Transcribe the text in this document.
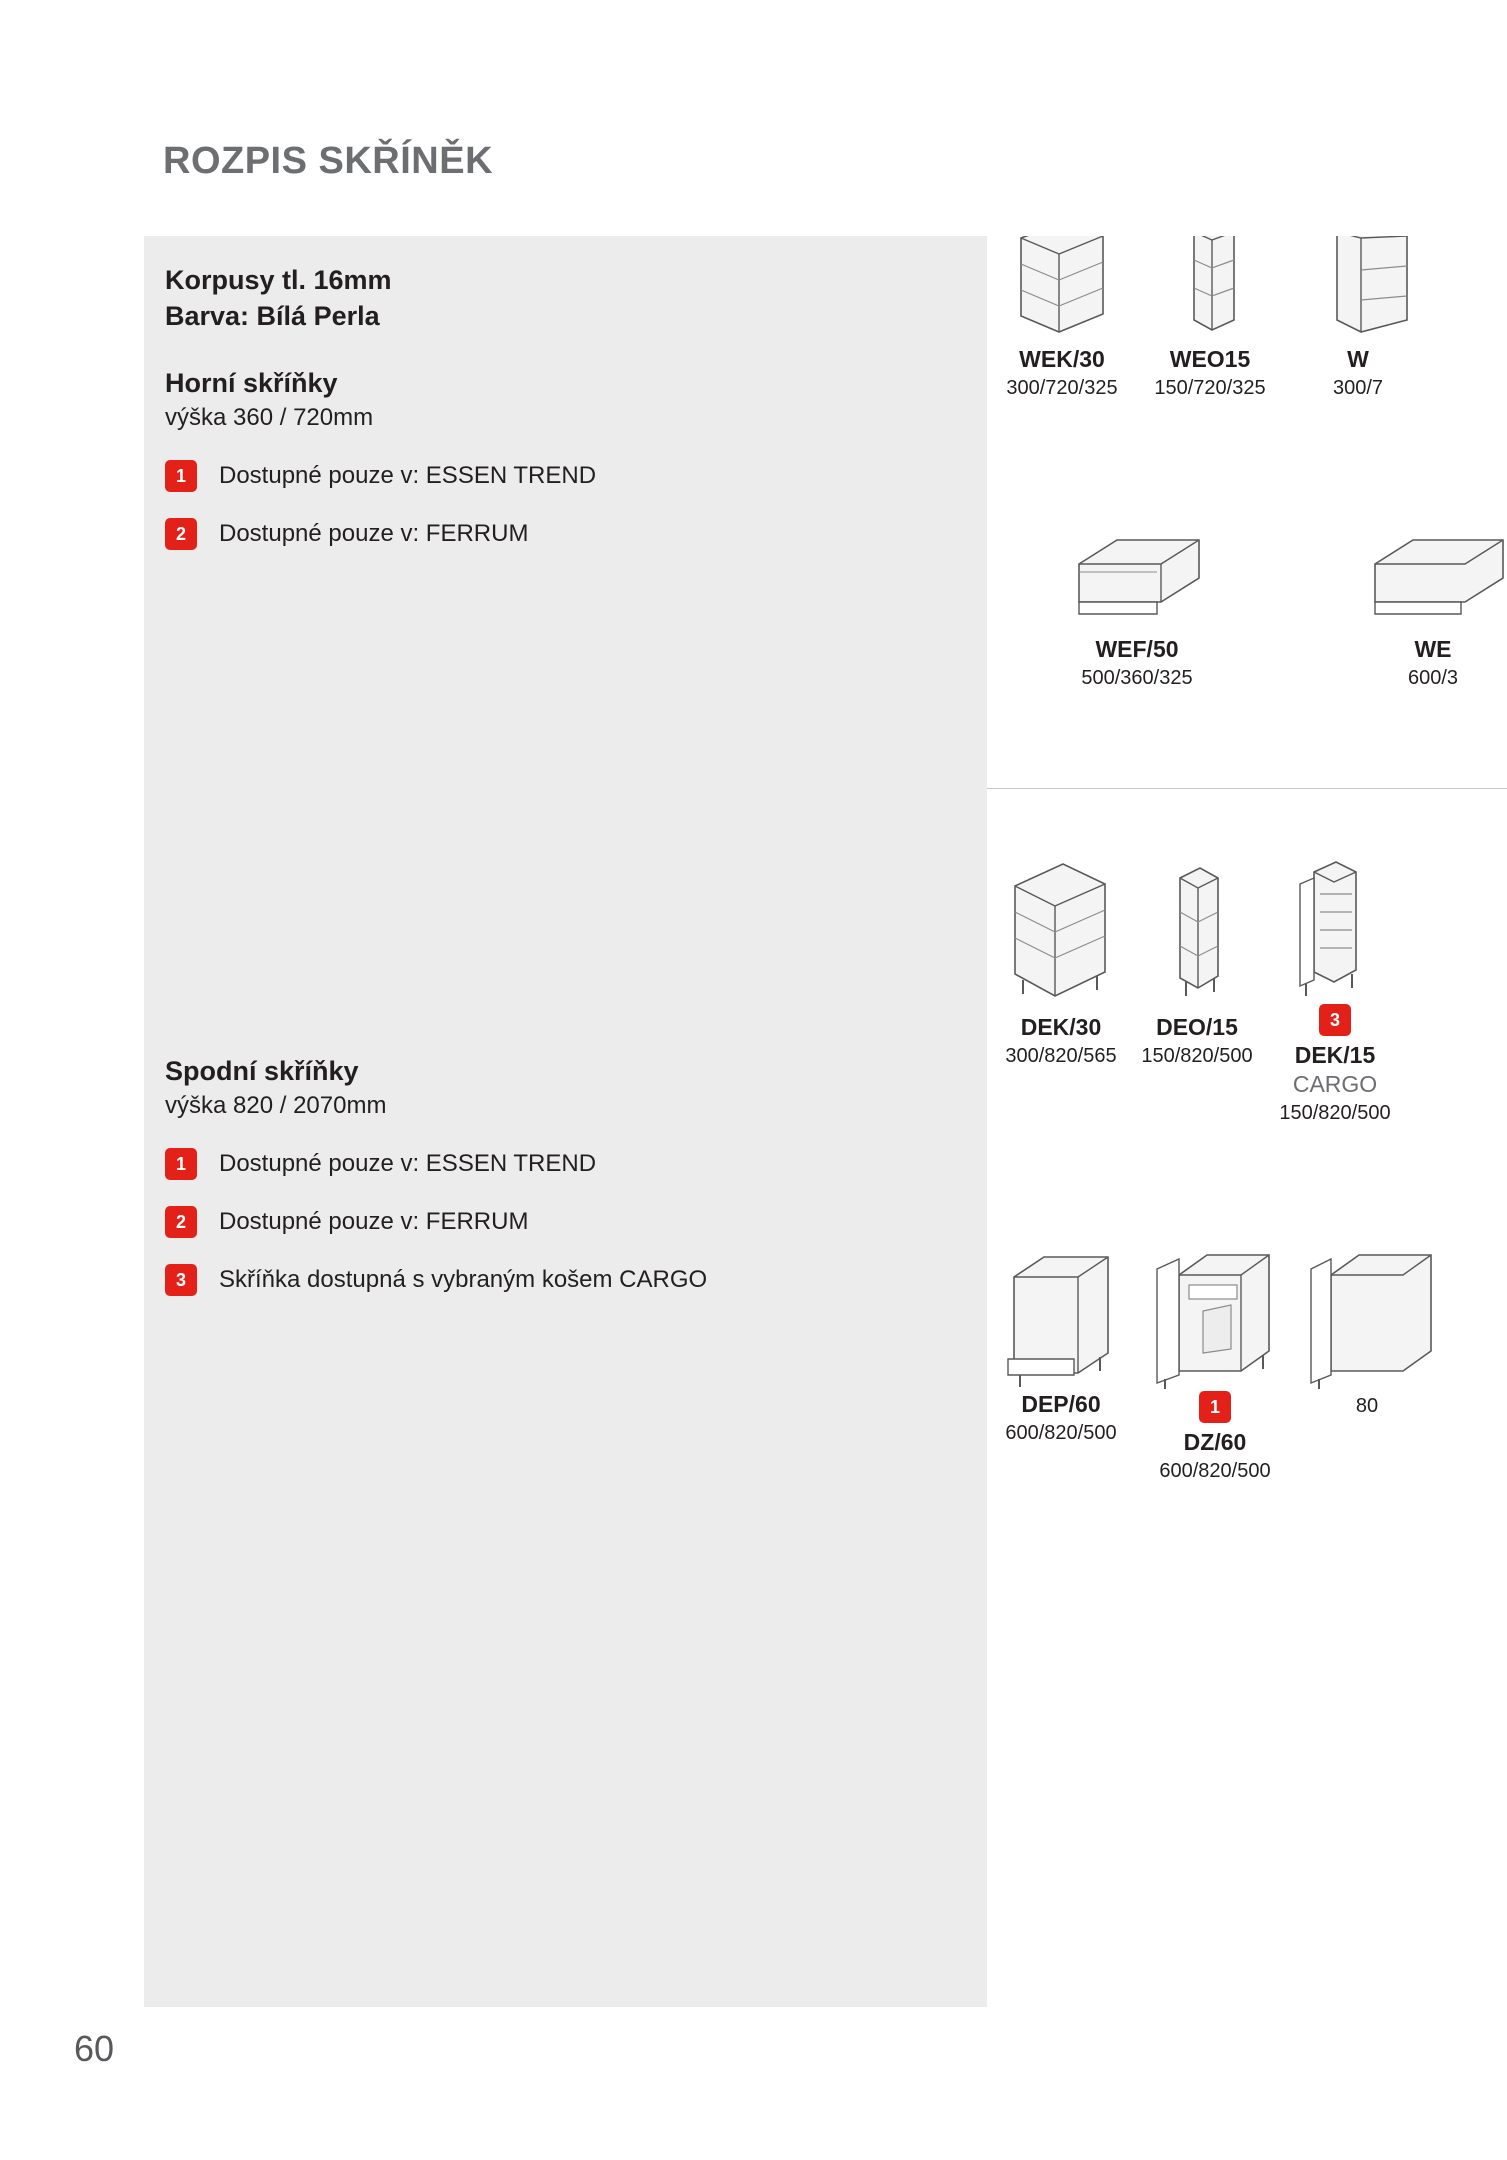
ROZPIS SKŘÍNĚK

Korpusy tl. 16mm

Barva: Bílá Perla

Horní skříňky

výška 360 / 720mm

1	Dostupné pouze v: ESSEN TREND
2	Dostupné pouze v: FERRUM

Spodní skříňky

výška 820 / 2070mm

1	Dostupné pouze v: ESSEN TREND
2	Dostupné pouze v: FERRUM
3	Skříňka dostupná s vybraným košem CARGO
WEK/30
300/720/325
WEO15
150/720/325
W
300/7
WEF/50
500/360/325
WE
600/3
DEK/30
300/820/565
DEO/15
150/820/500
3
DEK/15
CARGO
150/820/500
DEP/60
600/820/500
1
DZ/60
600/820/500
80
60
